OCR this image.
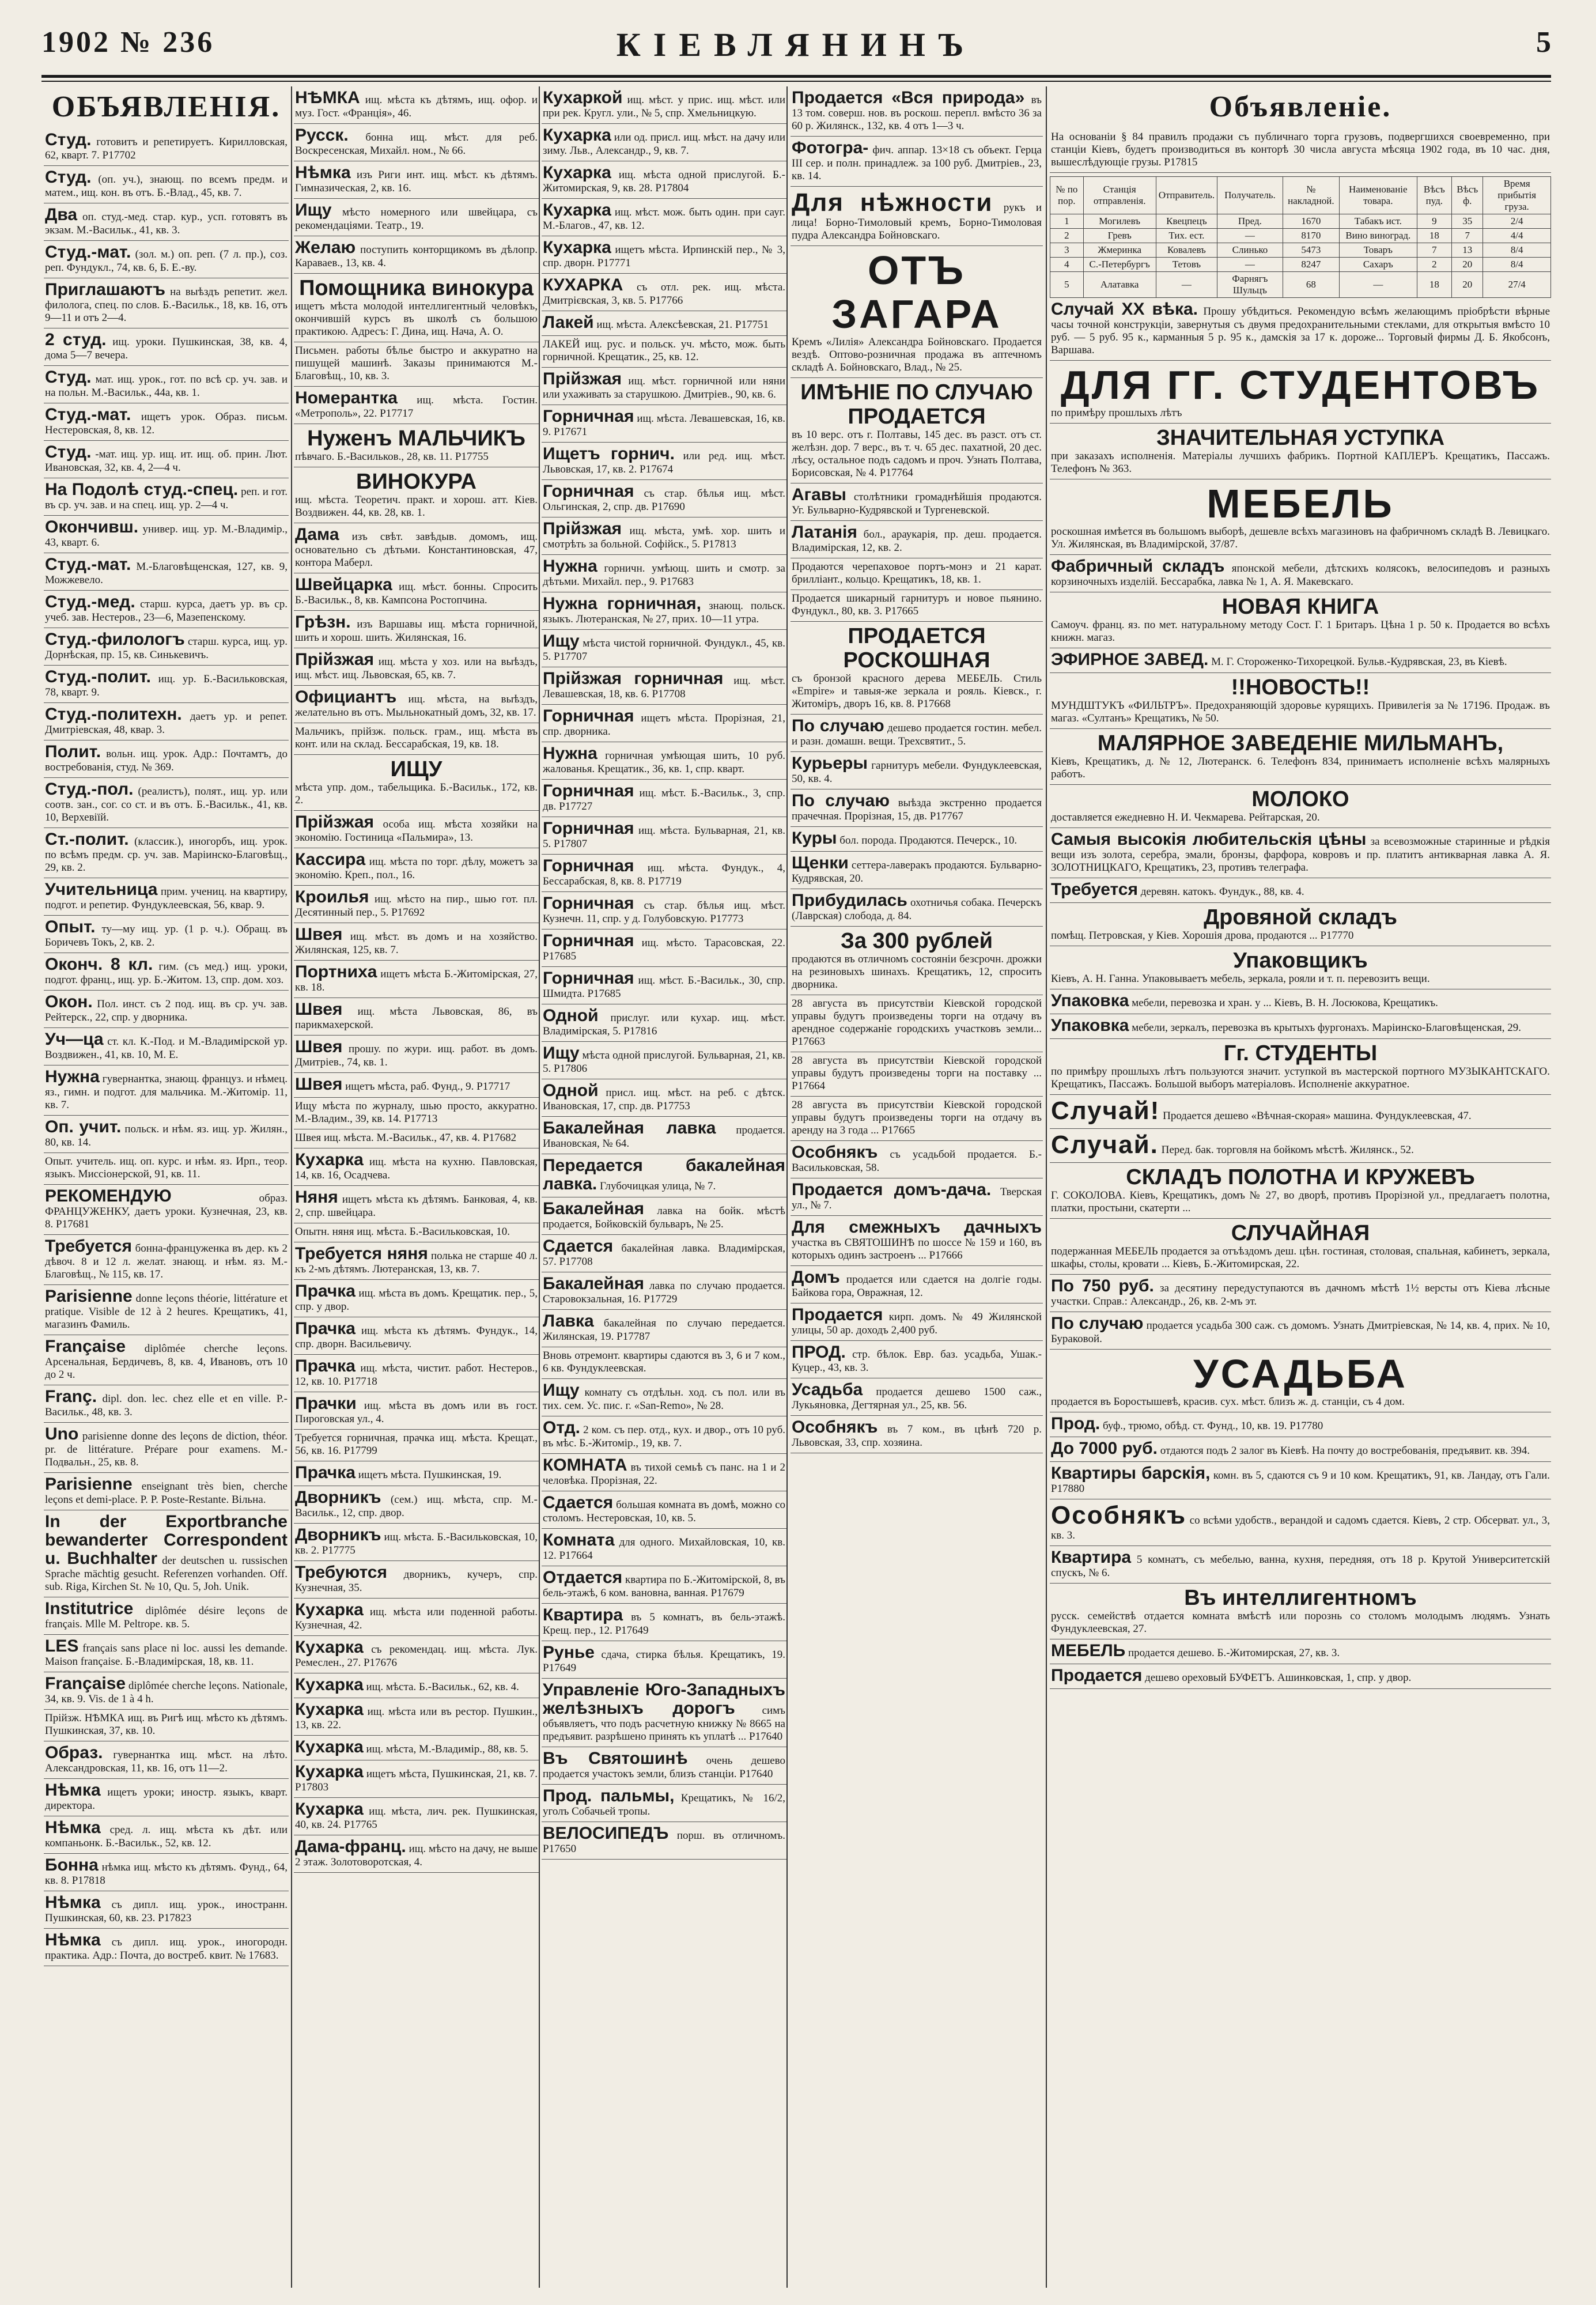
1902 № 236	КІЕВЛЯНИНЪ	5
ОБЪЯВЛЕНІЯ.
Студ. готовитъ и репетируетъ. Кирилловская, 62, кварт. 7. Р17702
Студ. (оп. уч.), знающ. по всемъ предм. и матем., ищ. кон. въ отъ. Б.-Влад., 45, кв. 7.
Два оп. студ.-мед. стар. кур., усп. готовятъ въ экзам. М.-Васильк., 41, кв. 3.
Студ.-мат. (зол. м.) оп. реп. (7 л. пр.), соз. реп. Фундукл., 74, кв. 6, Б. Е.-ву.
Приглашаютъ на выѣздъ репетит. жел. филолога, спец. по слов. Б.-Васильк., 18, кв. 16, отъ 9—11 и отъ 2—4.
2 студ. ищ. уроки. Пушкинская, 38, кв. 4, дома 5—7 вечера.
Студ. мат. ищ. урок., гот. по всѣ ср. уч. зав. и на польн. М.-Васильк., 44а, кв. 1.
Студ.-мат. ищетъ урок. Образ. письм. Нестеровская, 8, кв. 12.
Студ. -мат. ищ. ур. ищ. ит. ищ. об. прин. Лют. Ивановская, 32, кв. 4, 2—4 ч.
На Подолѣ студ.-спец. реп. и гот. въ ср. уч. зав. и на спец. ищ. ур. 2—4 ч.
Окончивш. универ. ищ. ур. М.-Владимір., 43, кварт. 6.
Студ.-мат. М.-Благовѣщенская, 127, кв. 9, Можжевело.
Студ.-мед. старш. курса, даетъ ур. въ ср. учеб. зав. Нестеров., 23—6, Мазепенскому.
Студ.-филологъ старш. курса, ищ. ур. Дорнѣская, пр. 15, кв. Синькевичъ.
Студ.-полит. ищ. ур. Б.-Васильковская, 78, кварт. 9.
Студ.-политехн. даетъ ур. и репет. Дмитріевская, 48, квар. 3.
Полит. вольн. ищ. урок. Адр.: Почтамтъ, до востребованія, студ. № 369.
Студ.-пол. (реалистъ), полят., ищ. ур. или соотв. зан., сог. со ст. и въ отъ. Б.-Васильк., 41, кв. 10, Верхевіїй.
Ст.-полит. (классик.), иногорбъ, ищ. урок. по всѣмъ предм. ср. уч. зав. Маріинско-Благовѣщ., 29, кв. 2.
Учительница прим. учениц. на квартиру, подгот. и репетир. Фундуклеевская, 56, квар. 9.
Опыт. ту—му ищ. ур. (1 р. ч.). Обращ. въ Боричевъ Токъ, 2, кв. 2.
Оконч. 8 кл. гим. (съ мед.) ищ. уроки, подгот. франц., ищ. ур. Б.-Житом. 13, спр. дом. хоз.
Окон. Пол. инст. съ 2 под. ищ. въ ср. уч. зав. Рейтерск., 22, спр. у дворника.
Уч—ца ст. кл. К.-Под. и М.-Владимірской ур. Воздвижен., 41, кв. 10, М. Е.
Нужна гувернантка, знающ. француз. и нѣмец. яз., гимн. и подгот. для мальчика. М.-Житомір. 11, кв. 7.
Оп. учит. польск. и нѣм. яз. ищ. ур. Жилян., 80, кв. 14.
Опыт. учитель. ищ. оп. курс. и нѣм. яз. Ирп., теор. языкъ. Миссіонерской, 91, кв. 11.
РЕКОМЕНДУЮ	образ. ФРАНЦУЖЕНКУ, даетъ уроки. Кузнечная, 23, кв. 8. Р17681
Требуется бонна-француженка въ дер. къ 2 дѣвоч. 8 и 12 л. желат. знающ. и нѣм. яз. М.-Благовѣщ., № 115, кв. 17.
Parisienne donne leçons théorie, littérature et pratique. Visible de 12 à 2 heures. Крещатикъ, 41, магазинъ Фамиль.
Française diplômée cherche leçons. Арсенальная, Бердичевъ, 8, кв. 4, Ивановъ, отъ 10 до 2 ч.
Franç. dipl. don. lec. chez elle et en ville. Р.-Васильк., 48, кв. 3.
Uno parisienne donne des leçons de diction, théor. pr. de littérature. Prépare pour examens. М.-Подвальн., 25, кв. 8.
Parisienne enseignant très bien, cherche leçons et demi-place. P. P. Poste-Restante. Вільна.
In der Exportbranche bewanderter Correspondent u. Buchhalter der deutschen u. russischen Sprache mächtig gesucht. Referenzen vorhanden. Off. sub. Riga, Kirchen St. № 10, Qu. 5, Joh. Unik.
Institutrice diplômée désire leçons de français. Mlle M. Peltrope. кв. 5.
LES français sans place ni loc. aussi les demande. Maison française. Б.-Владимірская, 18, кв. 11.
Française diplômée cherche leçons. Nationale, 34, кв. 9. Vis. de 1 à 4 h.
Прійзж. НѢМКА ищ. въ Ригѣ ищ. мѣсто къ дѣтямъ. Пушкинская, 37, кв. 10.
Образ. гувернантка ищ. мѣст. на лѣто. Александровская, 11, кв. 16, отъ 11—2.
Нѣмка ищетъ уроки; иностр. языкъ, кварт. директора.
Нѣмка сред. л. ищ. мѣста къ дѣт. или компаньонк. Б.-Васильк., 52, кв. 12.
Бонна нѣмка ищ. мѣсто къ дѣтямъ. Фунд., 64, кв. 8. Р17818
Нѣмка съ дипл. ищ. урок., иностранн. Пушкинская, 60, кв. 23. Р17823
Нѣмка съ дипл. ищ. урок., иногородн. практика. Адр.: Почта, до востреб. квит. № 17683.
НѢМКА ищ. мѣста къ дѣтямъ, ищ. офор. и муз. Гост. «Франція», 46.
Русск. бонна ищ. мѣст. для реб. Воскресенская, Михайл. ном., № 66.
Нѣмка изъ Риги инт. ищ. мѣст. къ дѣтямъ. Гимназическая, 2, кв. 16.
Ищу мѣсто номерного или швейцара, съ рекомендаціями. Театр., 19.
Желаю поступить конторщикомъ въ дѣлопр. Караваев., 13, кв. 4.
Помощника винокура
ищетъ мѣста молодой интеллигентный человѣкъ, окончившій курсъ въ школѣ съ большою практикою. Адресъ: Г. Дина, ищ. Нача, А. О.
Письмен. работы бѣлье быстро и аккуратно на пишущей машинѣ. Заказы принимаются М.-Благовѣщ., 10, кв. 3.
Номерантка ищ. мѣста. Гостин. «Метрополь», 22. Р17717
Нуженъ МАЛЬЧИКЪ
пѣвчаго. Б.-Васильков., 28, кв. 11. Р17755
ВИНОКУРА
ищ. мѣста. Теоретич. практ. и хорош. атт. Кіев. Воздвижен. 44, кв. 28, кв. 1.
Дама изъ свѣт. завѣдыв. домомъ, ищ. основательно съ дѣтьми. Константиновская, 47, контора Маберл.
Швейцарка ищ. мѣст. бонны. Спросить Б.-Васильк., 8, кв. Кампсона Ростопчина.
Грѣзн. изъ Варшавы ищ. мѣста горничной, шить и хорош. шить. Жилянская, 16.
Прійзжая ищ. мѣста у хоз. или на выѣздъ, ищ. мѣст. ищ. Львовская, 65, кв. 7.
Официантъ ищ. мѣста, на выѣздъ, желательно въ отъ. Мыльнокатный домъ, 32, кв. 17.
Мальчикъ, прійзж. польск. грам., ищ. мѣста въ конт. или на склад. Бессарабская, 19, кв. 18.
ИЩУ
мѣста упр. дом., табельщика. Б.-Васильк., 172, кв. 2.
Прійзжая особа ищ. мѣста хозяйки на экономію. Гостиница «Пальмира», 13.
Кассира ищ. мѣста по торг. дѣлу, можетъ за экономію. Креп., пол., 16.
Кроилья ищ. мѣсто на пир., шью гот. пл. Десятинный пер., 5. Р17692
Швея ищ. мѣст. въ домъ и на хозяйство. Жилянская, 125, кв. 7.
Портниха ищетъ мѣста Б.-Житомірская, 27, кв. 18.
Швея ищ. мѣста Львовская, 86, въ парикмахерской.
Швея прошу. по жури. ищ. работ. въ домъ. Дмитріев., 74, кв. 1.
Швея ищетъ мѣста, раб. Фунд., 9. Р17717
Ищу мѣста по журналу, шью просто, аккуратно. М.-Владим., 39, кв. 14. Р17713
Швея ищ. мѣста. М.-Васильк., 47, кв. 4. Р17682
Кухарка ищ. мѣста на кухню. Павловская, 14, кв. 16, Осадчева.
Няня ищетъ мѣста къ дѣтямъ. Банковая, 4, кв. 2, спр. швейцара.
Опытн. няня ищ. мѣста. Б.-Васильковская, 10.
Требуется няня полька не старше 40 л. къ 2-мъ дѣтямъ. Лютеранская, 13, кв. 7.
Прачка ищ. мѣста въ домъ. Крещатик. пер., 5, спр. у двор.
Прачка ищ. мѣста къ дѣтямъ. Фундук., 14, спр. дворн. Васильевичу.
Прачка ищ. мѣста, чистит. работ. Нестеров., 12, кв. 10. Р17718
Прачки ищ. мѣста въ домъ или въ гост. Пироговская ул., 4.
Требуется горничная, прачка ищ. мѣста. Крещат., 56, кв. 16. Р17799
Прачка ищетъ мѣста. Пушкинская, 19.
Дворникъ (сем.) ищ. мѣста, спр. М.-Васильк., 12, спр. двор.
Дворникъ ищ. мѣста. Б.-Васильковская, 10, кв. 2. Р17775
Требуются дворникъ, кучеръ, спр. Кузнечная, 35.
Кухарка ищ. мѣста или поденной работы. Кузнечная, 42.
Кухарка съ рекомендац. ищ. мѣста. Лук. Ремеслен., 27. Р17676
Кухарка ищ. мѣста. Б.-Васильк., 62, кв. 4.
Кухарка ищ. мѣста или въ рестор. Пушкин., 13, кв. 22.
Кухарка ищ. мѣста, М.-Владимір., 88, кв. 5.
Кухарка ищетъ мѣста, Пушкинская, 21, кв. 7. Р17803
Кухарка ищ. мѣста, лич. рек. Пушкинская, 40, кв. 24. Р17765
Дама-франц. ищ. мѣсто на дачу, не выше 2 этаж. Золотоворотская, 4.
Кухаркой ищ. мѣст. у прис. ищ. мѣст. или при рек. Кругл. ули., № 5, спр. Хмельницкую.
Кухарка или од. присл. ищ. мѣст. на дачу или зиму. Льв., Александр., 9, кв. 7.
Кухарка ищ. мѣста одной прислугой. Б.-Житомирская, 9, кв. 28. Р17804
Кухарка ищ. мѣст. мож. быть один. при сауг. М.-Благов., 47, кв. 12.
Кухарка ищетъ мѣста. Ирпинскій пер., № 3, спр. дворн. Р17771
КУХАРКА съ отл. рек. ищ. мѣста. Дмитрієвская, 3, кв. 5. Р17766
Лакей ищ. мѣста. Алексѣевская, 21. Р17751
ЛАКЕЙ ищ. рус. и польск. уч. мѣсто, мож. быть горничной. Крещатик., 25, кв. 12.
Прійзжая ищ. мѣст. горничной или няни или ухаживать за старушкою. Дмитріев., 90, кв. 6.
Горничная ищ. мѣста. Левашевская, 16, кв. 9. Р17671
Ищетъ горнич. или ред. ищ. мѣст. Львовская, 17, кв. 2. Р17674
Горничная съ стар. бѣлья ищ. мѣст. Ольгинская, 2, спр. дв. Р17690
Прійзжая ищ. мѣста, умѣ. хор. шить и смотрѣть за больной. Софійск., 5. Р17813
Нужна горничн. умѣющ. шить и смотр. за дѣтьми. Михайл. пер., 9. Р17683
Нужна горничная, знающ. польск. языкъ. Лютеранская, № 27, прих. 10—11 утра.
Ищу мѣста чистой горничной. Фундукл., 45, кв. 5. Р17707
Прійзжая горничная ищ. мѣст. Левашевская, 18, кв. 6. Р17708
Горничная ищетъ мѣста. Прорізная, 21, спр. дворника.
Нужна горничная умѣющая шить, 10 руб. жалованья. Крещатик., 36, кв. 1, спр. кварт.
Горничная ищ. мѣст. Б.-Васильк., 3, спр. дв. Р17727
Горничная ищ. мѣста. Бульварная, 21, кв. 5. Р17807
Горничная ищ. мѣста. Фундук., 4, Бессарабская, 8, кв. 8. Р17719
Горничная съ стар. бѣлья ищ. мѣст. Кузнечн. 11, спр. у д. Голубовскую. Р17773
Горничная ищ. мѣсто. Тарасовская, 22. Р17685
Горничная ищ. мѣст. Б.-Васильк., 30, спр. Шмидта. Р17685
Одной прислуг. или кухар. ищ. мѣст. Владимірская, 5. Р17816
Ищу мѣста одной прислугой. Бульварная, 21, кв. 5. Р17806
Одной присл. ищ. мѣст. на реб. с дѣтск. Ивановская, 17, спр. дв. Р17753
Бакалейная лавка продается. Ивановская, № 64.
Передается бакалейная лавка. Глубочицкая улица, № 7.
Бакалейная лавка на бойк. мѣстѣ продается, Бойковскій бульваръ, № 25.
Сдается бакалейная лавка. Владимірская, 57. Р17708
Бакалейная лавка по случаю продается. Старовокзальная, 16. Р17729
Лавка бакалейная по случаю передается. Жилянская, 19. Р17787
Вновь отремонт. квартиры сдаются въ 3, 6 и 7 ком., 6 кв. Фундуклеевская.
Ищу комнату съ отдѣльн. ход. съ пол. или въ тих. сем. Ус. пис. г. «San-Remo», № 28.
Отд. 2 ком. съ пер. отд., кух. и двор., отъ 10 руб. въ мѣс. Б.-Житомір., 19, кв. 7.
КОМНАТА въ тихой семьѣ съ панс. на 1 и 2 человѣка. Прорізная, 22.
Сдается большая комната въ домѣ, можно со столомъ. Нестеровская, 10, кв. 5.
Комната для одного. Михайловская, 10, кв. 12. Р17664
Отдается квартира по Б.-Житомірской, 8, въ бель-этажѣ, 6 ком. вановна, ванная. Р17679
Квартира въ 5 комнатъ, въ бель-этажѣ. Крещ. пер., 12. Р17649
Рунье сдача, стирка бѣлья. Крещатикъ, 19. Р17649
Управленіе Юго-Западныхъ желѣзныхъ дорогъ симъ объявляетъ, что подъ расчетную книжку № 8665 на предъявит. разрѣшено принять къ уплатѣ ... Р17640
Въ Святошинѣ очень дешево продается участокъ земли, близъ станціи. Р17640
Прод. пальмы, Крещатикъ, № 16/2, уголъ Собачьей тропы.
ВЕЛОСИПЕДЪ порш. въ отличномъ. Р17650
Продается «Вся природа» въ 13 том. соверш. нов. въ роскош. перепл. вмѣсто 36 за 60 р. Жилянск., 132, кв. 4 отъ 1—3 ч.
Фотогра- фич. аппар. 13×18 съ объект. Герца III сер. и полн. принадлеж. за 100 руб. Дмитріев., 23, кв. 14.
Для нѣжности рукъ и лица! Борно-Тимоловый кремъ, Борно-Тимоловая пудра Александра Бойновскаго.
ОТЪ ЗАГАРА
Кремъ «Лилія» Александра Бойновскаго. Продается вездѣ. Оптово-розничная продажа въ аптечномъ складѣ А. Бойновскаго, Влад., № 25.
ИМѢНІЕ ПО СЛУЧАЮ ПРОДАЕТСЯ
въ 10 верс. отъ г. Полтавы, 145 дес. въ разст. отъ ст. желѣзн. дор. 7 верс., въ т. ч. 65 дес. пахатной, 20 дес. лѣсу, остальное подъ садомъ и проч. Узнать Полтава, Борисовская, № 4. Р17764
Агавы столѣтники громаднѣйшія продаются. Уг. Бульварно-Кудрявской и Тургеневской.
Латанія бол., араукарія, пр. деш. продается. Владимірская, 12, кв. 2.
Продаются черепаховое портъ-монэ и 21 карат. брилліант., кольцо. Крещатикъ, 18, кв. 1.
Продается шикарный гарнитуръ и новое пьянино. Фундукл., 80, кв. 3. Р17665
ПРОДАЕТСЯ РОСКОШНАЯ
съ бронзой красного дерева МЕБЕЛЬ. Стиль «Empire» и тавыя-же зеркала и рояль. Кіевск., г. Житоміръ, дворъ 16, кв. 8. Р17668
По случаю дешево продается гостин. мебел. и разн. домашн. вещи. Трехсвятит., 5.
Курьеры гарнитуръ мебели. Фундуклеевская, 50, кв. 4.
По случаю выѣзда экстренно продается прачечная. Прорізная, 15, дв. Р17767
Куры бол. порода. Продаются. Печерск., 10.
Щенки сеттера-лаверакъ продаются. Бульварно-Кудрявская, 20.
Прибудилась охотничья собака. Печерскъ (Лаврская) слобода, д. 84.
За 300 рублей
продаются въ отличномъ состояніи безсрочн. дрожки на резиновыхъ шинахъ. Крещатикъ, 12, спросить дворника.
28 августа въ присутствіи Кіевской городской управы будутъ произведены торги на отдачу въ арендное содержаніе городскихъ участковъ земли... Р17663
28 августа въ присутствіи Кіевской городской управы будутъ произведены торги на поставку ... Р17664
28 августа въ присутствіи Кіевской городской управы будутъ произведены торги на отдачу въ аренду на 3 года ... Р17665
Особнякъ съ усадьбой продается. Б.-Васильковская, 58.
Продается домъ-дача. Тверская ул., № 7.
Для смежныхъ дачныхъ участка въ СВЯТОШИНѢ по шоссе № 159 и 160, въ которыхъ одинъ застроенъ ... Р17666
Домъ продается или сдается на долгіе годы. Байкова гора, Овражная, 12.
Продается кирп. домъ. № 49 Жилянской улицы, 50 ар. доходъ 2,400 руб.
ПРОД. стр. бѣлок. Евр. баз. усадьба, Ушак.-Куцер., 43, кв. 3.
Усадьба продается дешево 1500 саж., Лукьяновка, Дегтярная ул., 25, кв. 56.
Особнякъ въ 7 ком., въ цѣнѣ 720 р. Львовская, 33, спр. хозяина.
Объявленіе.
На основаніи § 84 правилъ продажи съ публичнаго торга грузовъ, подвергшихся своевременно, при станціи Кіевъ, будетъ производиться въ конторѣ 30 числа августа мѣсяца 1902 года, въ 10 час. дня, вышеслѣдующіе грузы. Р17815
№ по пор.	Станція отправленія.	Отправитель.	Получатель.	№ накладной.	Наименованіе товара.	Вѣсъ пуд.	Вѣсъ ф.	Время прибытія груза.
1	Могилевъ	Квецпецъ	Пред.	1670	Табакъ ист.	9	35	2/4
2	Гревъ	Тих. ест.	—	8170	Вино виноград.	18	7	4/4
3	Жмеринка	Ковалевъ	Слинько	5473	Товаръ	7	13	8/4
4	С.-Петербургъ	Тетовъ	—	8247	Сахаръ	2	20	8/4
5	Алатавка	—	Фарнягъ Шульцъ	68	—	18	20	27/4
Случай XX вѣка. Прошу убѣдиться. Рекомендую всѣмъ желающимъ пріобрѣсти вѣрные часы точной конструкціи, завернутыя съ двумя предохранительными стеклами, для открытыя вмѣсто 10 руб. — 5 руб. 95 к., карманныя 5 р. 95 к., дамскія за 17 к. дороже... Торговый фирмы Д. Б. Якобсонъ, Варшава.
ДЛЯ ГГ. СТУДЕНТОВЪ
по примѣру прошлыхъ лѣтъ
ЗНАЧИТЕЛЬНАЯ УСТУПКА
при заказахъ исполненія. Матеріалы лучшихъ фабрикъ. Портной КАПЛЕРЪ. Крещатикъ, Пассажъ. Телефонъ № 363.
МЕБЕЛЬ
роскошная имѣется въ большомъ выборѣ, дешевле всѣхъ магазиновъ на фабричномъ складѣ В. Левицкаго. Ул. Жилянская, въ Владимірской, 37/87.
Фабричный складъ японской мебели, дѣтскихъ колясокъ, велосипедовъ и разныхъ корзиночныхъ изделій. Бессарабка, лавка № 1, А. Я. Макевскаго.
НОВАЯ КНИГА
Самоуч. франц. яз. по мет. натуральному методу Сост. Г. 1 Бритаръ. Цѣна 1 р. 50 к. Продается во всѣхъ книжн. магаз.
ЭФИРНОЕ ЗАВЕД. М. Г. Стороженко-Тихорецкой. Бульв.-Кудрявская, 23, въ Кіевѣ.
!!НОВОСТЬ!!
МУНДШТУКЪ «ФИЛЬТРЪ». Предохраняющій здоровье курящихъ. Привилегія за № 17196. Продаж. въ магаз. «Султанъ» Крещатикъ, № 50.
МАЛЯРНОЕ ЗАВЕДЕНІЕ МИЛЬМАНЪ,
Кіевъ, Крещатикъ, д. № 12, Лютеранск. 6. Телефонъ 834, принимаетъ исполненіе всѣхъ малярныхъ работъ.
МОЛОКО
доставляется ежедневно Н. И. Чекмарева. Рейтарская, 20.
Самыя высокія любительскія цѣны за всевозможные старинные и рѣдкія вещи изъ золота, серебра, эмали, бронзы, фарфора, ковровъ и пр. платитъ антикварная лавка А. Я. ЗОЛОТНИЦКАГО, Крещатикъ, 23, противъ телеграфа.
Требуется деревян. катокъ. Фундук., 88, кв. 4.
Дровяной складъ
помѣщ. Петровская, у Кіев. Хорошія дрова, продаются ... Р17770
Упаковщикъ
Кіевъ, А. Н. Ганна. Упаковываетъ мебель, зеркала, рояли и т. п. перевозитъ вещи.
Упаковка мебели, перевозка и хран. у ... Кіевъ, В. Н. Лосюкова, Крещатикъ.
Упаковка мебели, зеркалъ, перевозка въ крытыхъ фургонахъ. Маріинско-Благовѣщенская, 29.
Гг. СТУДЕНТЫ
по примѣру прошлыхъ лѣтъ пользуются значит. уступкой въ мастерской портного МУЗЫКАНТСКАГО. Крещатикъ, Пассажъ. Большой выборъ матеріаловъ. Исполненіе аккуратное.
Случай! Продается дешево «Вѣчная-скорая» машина. Фундуклеевская, 47.
Случай. Перед. бак. торговля на бойкомъ мѣстѣ. Жилянск., 52.
СКЛАДЪ ПОЛОТНА И КРУЖЕВЪ
Г. СОКОЛОВА. Кіевъ, Крещатикъ, домъ № 27, во дворѣ, противъ Прорізной ул., предлагаетъ полотна, платки, простыни, скатерти ...
СЛУЧАЙНАЯ
подержанная МЕБЕЛЬ продается за отъѣздомъ деш. цѣн. гостиная, столовая, спальная, кабинетъ, зеркала, шкафы, столы, кровати ... Кіевъ, Б.-Житомирская, 22.
По 750 руб. за десятину передуступаются въ дачномъ мѣстѣ 1½ версты отъ Кіева лѣсные участки. Справ.: Александр., 26, кв. 2-мъ эт.
По случаю продается усадьба 300 саж. съ домомъ. Узнать Дмитріевская, № 14, кв. 4, прих. № 10, Бураковой.
УСАДЬБА
продается въ Боростышевѣ, красив. сух. мѣст. близъ ж. д. станціи, съ 4 дом.
Прод. буф., трюмо, обѣд. ст. Фунд., 10, кв. 19. Р17780
До 7000 руб. отдаются подъ 2 залог въ Кіевѣ. На почту до востребованія, предъявит. кв. 394.
Квартиры барскія, комн. въ 5, сдаются съ 9 и 10 ком. Крещатикъ, 91, кв. Ландау, отъ Гали. Р17880
Особнякъ со всѣми удобств., верандой и садомъ сдается. Кіевъ, 2 стр. Обсерват. ул., 3, кв. 3.
Квартира 5 комнатъ, съ мебелью, ванна, кухня, передняя, отъ 18 р. Крутой Университетскій спускъ, № 6.
Въ интеллигентномъ
русск. семействѣ отдается комната вмѣстѣ или порознь со столомъ молодымъ людямъ. Узнать Фундуклеевская, 27.
МЕБЕЛЬ продается дешево. Б.-Житомирская, 27, кв. 3.
Продается дешево ореховый БУФЕТЪ. Ашинковская, 1, спр. у двор.
